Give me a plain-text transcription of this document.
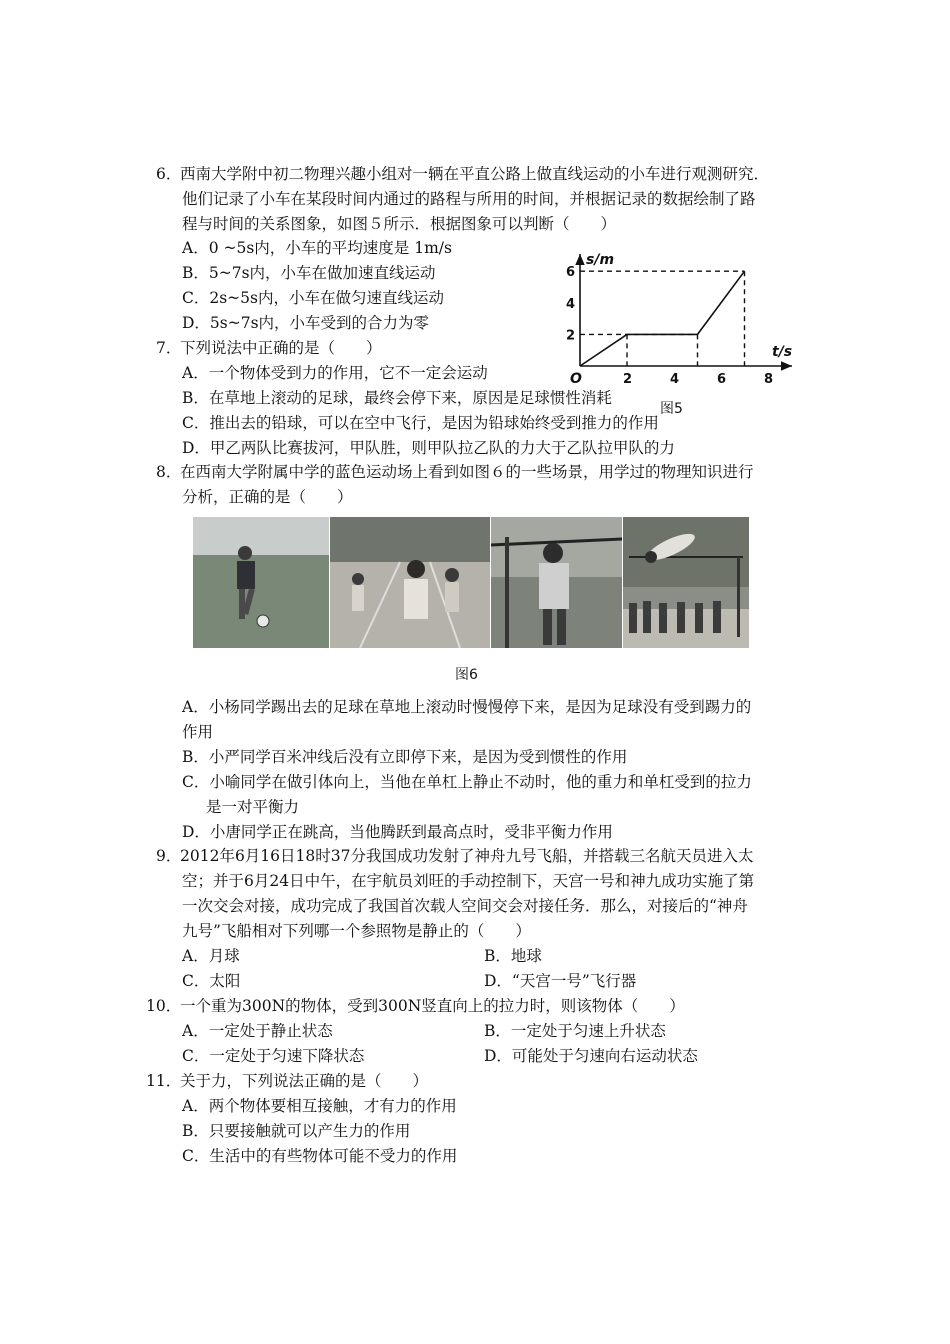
6．西南大学附中初二物理兴趣小组对一辆在平直公路上做直线运动的小车进行观测研究．
他们记录了小车在某段时间内通过的路程与所用的时间，并根据记录的数据绘制了路
程与时间的关系图象，如图５所示．根据图象可以判断（　　）
A．0 ~5s内，小车的平均速度是 1m/s
B．5~7s内，小车在做加速直线运动
C．2s~5s内，小车在做匀速直线运动
D．5s~7s内，小车受到的合力为零
2	4	6	8
2
4
6
O
s/m
t/s
图5
7．下列说法中正确的是（　　）
A．一个物体受到力的作用，它不一定会运动
B．在草地上滚动的足球，最终会停下来，原因是足球惯性消耗
C．推出去的铅球，可以在空中飞行，是因为铅球始终受到推力的作用
D．甲乙两队比赛拔河，甲队胜，则甲队拉乙队的力大于乙队拉甲队的力
8．在西南大学附属中学的蓝色运动场上看到如图６的一些场景，用学过的物理知识进行
分析，正确的是（　　）
图6
A．小杨同学踢出去的足球在草地上滚动时慢慢停下来，是因为足球没有受到踢力的
作用
B．小严同学百米冲线后没有立即停下来，是因为受到惯性的作用
C．小喻同学在做引体向上，当他在单杠上静止不动时，他的重力和单杠受到的拉力
是一对平衡力
D．小唐同学正在跳高，当他腾跃到最高点时，受非平衡力作用
9．2012年6月16日18时37分我国成功发射了神舟九号飞船，并搭载三名航天员进入太
空；并于6月24日中午，在宇航员刘旺的手动控制下，天宫一号和神九成功实施了第
一次交会对接，成功完成了我国首次载人空间交会对接任务．那么，对接后的“神舟
九号”飞船相对下列哪一个参照物是静止的（　　）
A．月球	B．地球
C．太阳	D．“天宫一号”飞行器
10．一个重为300N的物体，受到300N竖直向上的拉力时，则该物体（　　）
A．一定处于静止状态	B．一定处于匀速上升状态
C．一定处于匀速下降状态	D．可能处于匀速向右运动状态
11．关于力，下列说法正确的是（　　）
A．两个物体要相互接触，才有力的作用
B．只要接触就可以产生力的作用
C．生活中的有些物体可能不受力的作用
